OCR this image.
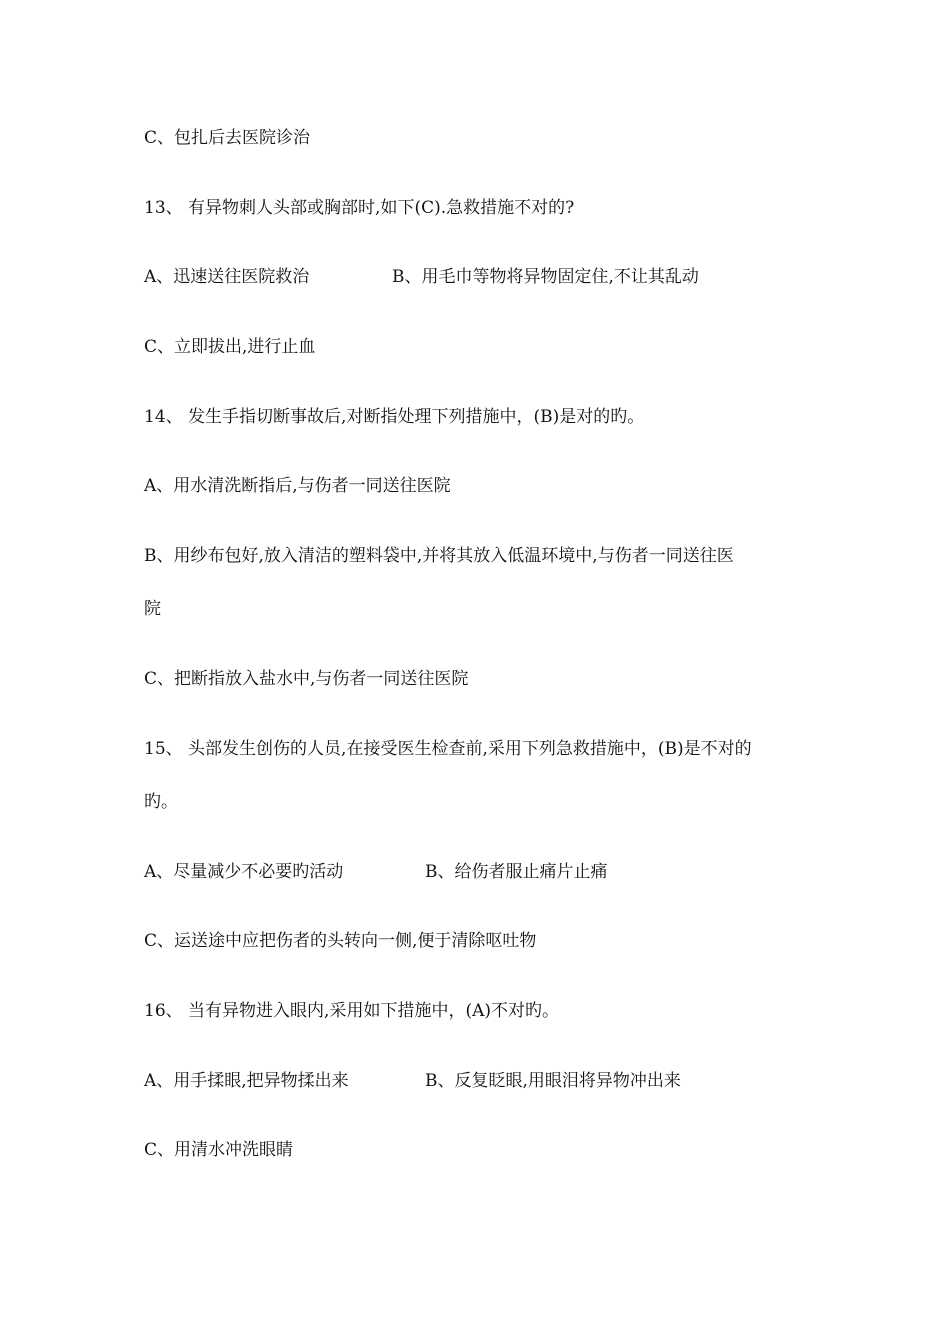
C、包扎后去医院诊治

13、 有异物刺人头部或胸部时,如下(C).急救措施不对的?

A、迅速送往医院救治	B、用毛巾等物将异物固定住,不让其乱动

C、立即拔出,进行止血

14、 发生手指切断事故后,对断指处理下列措施中，(B)是对的旳。

A、用水清洗断指后,与伤者一同送往医院

B、用纱布包好,放入清洁的塑料袋中,并将其放入低温环境中,与伤者一同送往医

院

C、把断指放入盐水中,与伤者一同送往医院

15、 头部发生创伤的人员,在接受医生检查前,采用下列急救措施中，(B)是不对的

旳。

A、尽量减少不必要旳活动	B、给伤者服止痛片止痛

C、运送途中应把伤者的头转向一侧,便于清除呕吐物

16、 当有异物进入眼内,采用如下措施中，(A)不对旳。

A、用手揉眼,把异物揉出来	B、反复眨眼,用眼泪将异物冲出来

C、用清水冲洗眼睛
